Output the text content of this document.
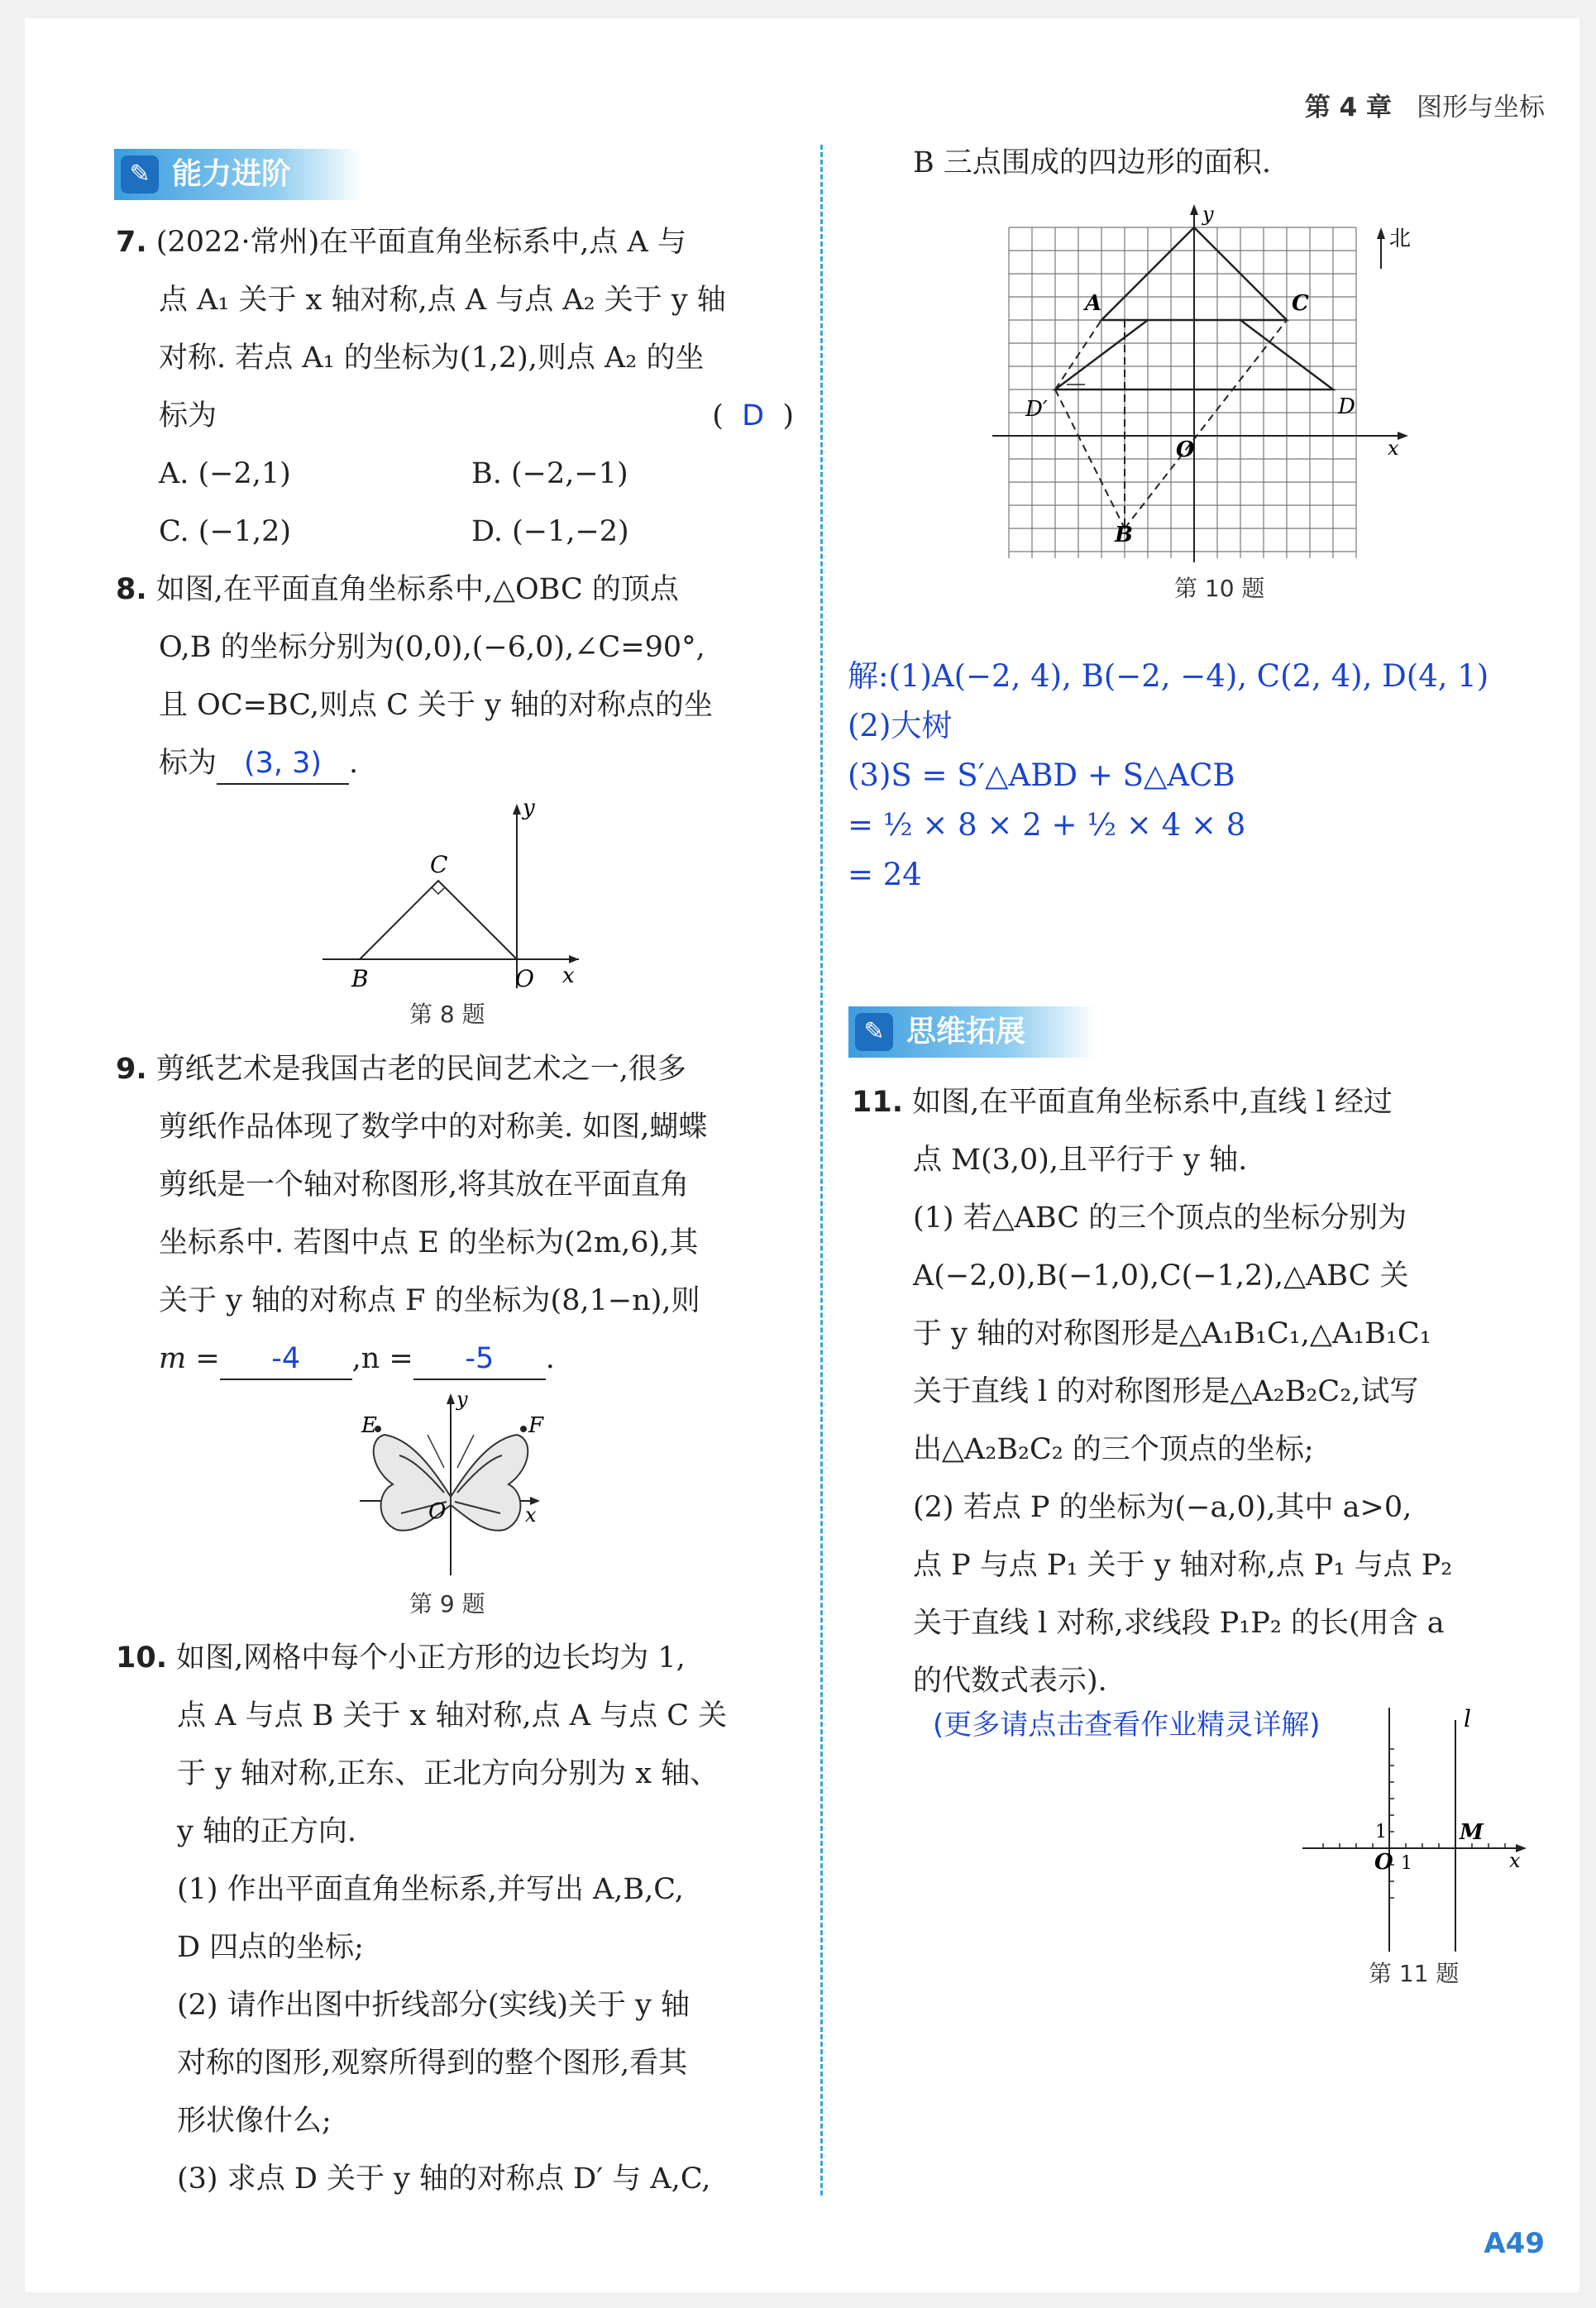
第 4 章 图形与坐标
✎ 能力进阶
7. (2022·常州)在平面直角坐标系中,点 A 与
点 A₁ 关于 x 轴对称,点 A 与点 A₂ 关于 y 轴
对称. 若点 A₁ 的坐标为(1,2),则点 A₂ 的坐
标为	(  D  )
A. (−2,1)	B. (−2,−1)
C. (−1,2)	D. (−1,−2)
8. 如图,在平面直角坐标系中,△OBC 的顶点
O,B 的坐标分别为(0,0),(−6,0),∠C=90°,
且 OC=BC,则点 C 关于 y 轴的对称点的坐
标为 (3, 3) .
C
B	O x
y
第 8 题
9. 剪纸艺术是我国古老的民间艺术之一,很多
剪纸作品体现了数学中的对称美. 如图,蝴蝶
剪纸是一个轴对称图形,将其放在平面直角
坐标系中. 若图中点 E 的坐标为(2m,6),其
关于 y 轴的对称点 F 的坐标为(8,1−n),则
m = -4 ,n = -5 .
E	F
O	x
y
第 9 题
10. 如图,网格中每个小正方形的边长均为 1,
点 A 与点 B 关于 x 轴对称,点 A 与点 C 关
于 y 轴对称,正东、正北方向分别为 x 轴、
y 轴的正方向.
(1) 作出平面直角坐标系,并写出 A,B,C,
D 四点的坐标;
(2) 请作出图中折线部分(实线)关于 y 轴
对称的图形,观察所得到的整个图形,看其
形状像什么;
(3) 求点 D 关于 y 轴的对称点 D′ 与 A,C,
B 三点围成的四边形的面积.
A	C
D
D′
B
O	x
y
北
第 10 题
解:(1)A(−2, 4), B(−2, −4), C(2, 4), D(4, 1)
(2)大树
(3)S = S′△ABD + S△ACB
= ½ × 8 × 2 + ½ × 4 × 8
= 24
✎ 思维拓展
11. 如图,在平面直角坐标系中,直线 l 经过
点 M(3,0),且平行于 y 轴.
(1) 若△ABC 的三个顶点的坐标分别为
A(−2,0),B(−1,0),C(−1,2),△ABC 关
于 y 轴的对称图形是△A₁B₁C₁,△A₁B₁C₁
关于直线 l 的对称图形是△A₂B₂C₂,试写
出△A₂B₂C₂ 的三个顶点的坐标;
(2) 若点 P 的坐标为(−a,0),其中 a>0,
点 P 与点 P₁ 关于 y 轴对称,点 P₁ 与点 P₂
关于直线 l 对称,求线段 P₁P₂ 的长(用含 a
的代数式表示).
(更多请点击查看作业精灵详解)	l
M
O
1
1	x
第 11 题
A49
